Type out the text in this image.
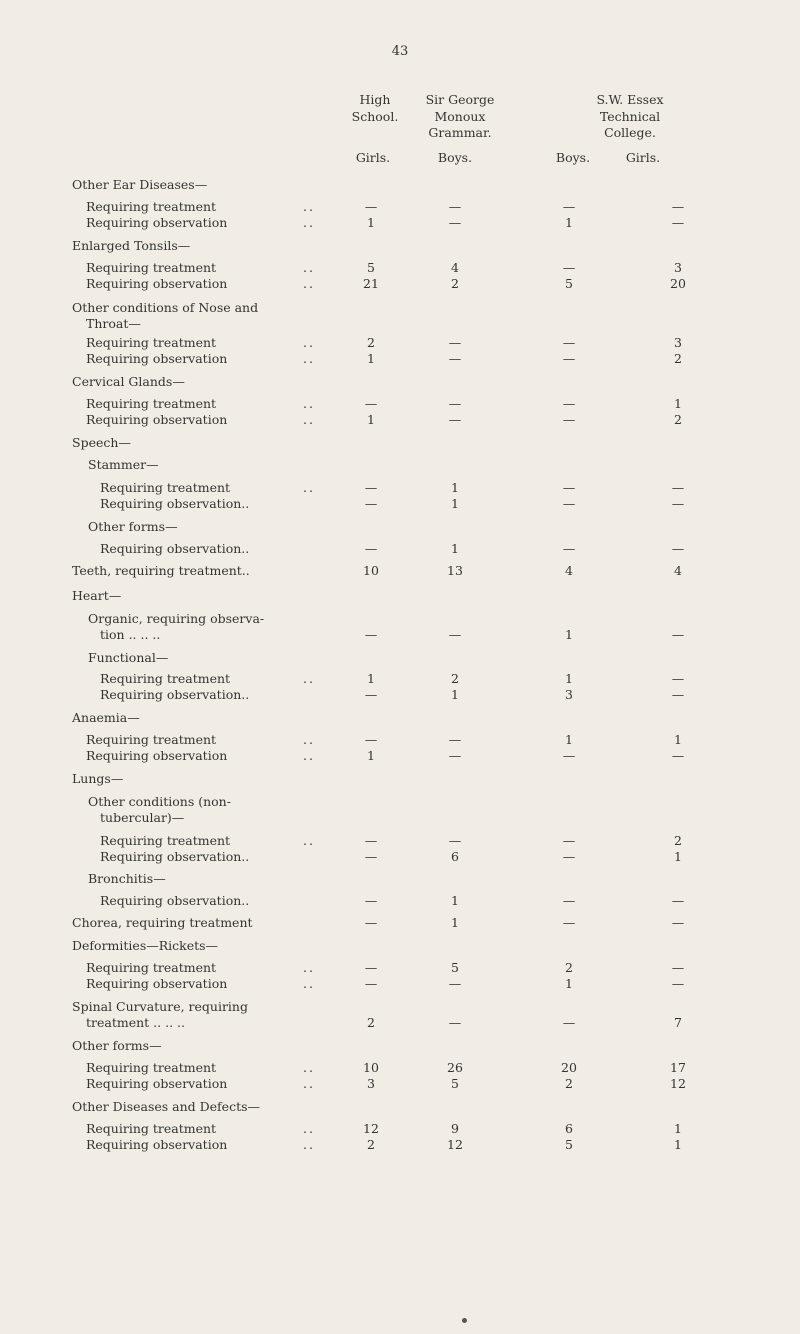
43
High
School.
Sir George
Monoux
Grammar.
S.W. Essex
Technical
College.
Girls.	Boys.	Boys.	Girls.
Other Ear Diseases—
Requiring treatment	..	—	—	—	—
Requiring observation	..	1	—	1	—
Enlarged Tonsils—
Requiring treatment	..	5	4	—	3
Requiring observation	..	21	2	5	20
Other conditions of Nose and
Throat—
Requiring treatment	..	2	—	—	3
Requiring observation	..	1	—	—	2
Cervical Glands—
Requiring treatment	..	—	—	—	1
Requiring observation	..	1	—	—	2
Speech—
Stammer—
Requiring treatment	..	—	1	—	—
Requiring observation..	—	1	—	—
Other forms—
Requiring observation..	—	1	—	—
Teeth, requiring treatment..	10	13	4	4
Heart—
Organic, requiring observa-
tion .. .. ..	—	—	1	—
Functional—
Requiring treatment	..	1	2	1	—
Requiring observation..	—	1	3	—
Anaemia—
Requiring treatment	..	—	—	1	1
Requiring observation	..	1	—	—	—
Lungs—
Other conditions (non-
tubercular)—
Requiring treatment	..	—	—	—	2
Requiring observation..	—	6	—	1
Bronchitis—
Requiring observation..	—	1	—	—
Chorea, requiring treatment	—	1	—	—
Deformities—Rickets—
Requiring treatment	..	—	5	2	—
Requiring observation	..	—	—	1	—
Spinal Curvature, requiring
treatment .. .. ..	2	—	—	7
Other forms—
Requiring treatment	..	10	26	20	17
Requiring observation	..	3	5	2	12
Other Diseases and Defects—
Requiring treatment	..	12	9	6	1
Requiring observation	..	2	12	5	1
